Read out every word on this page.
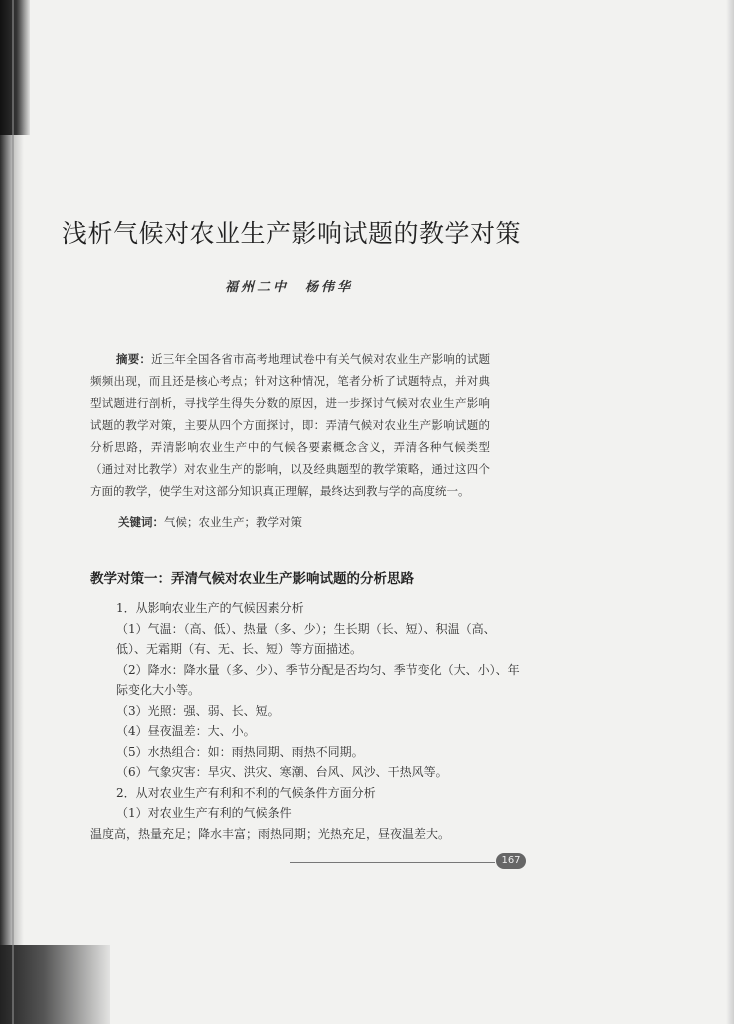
浅析气候对农业生产影响试题的教学对策
福州二中　杨伟华
摘要：近三年全国各省市高考地理试卷中有关气候对农业生产影响的试题频频出现，而且还是核心考点；针对这种情况，笔者分析了试题特点，并对典型试题进行剖析，寻找学生得失分数的原因，进一步探讨气候对农业生产影响试题的教学对策，主要从四个方面探讨，即：弄清气候对农业生产影响试题的分析思路，弄清影响农业生产中的气候各要素概念含义，弄清各种气候类型（通过对比教学）对农业生产的影响，以及经典题型的教学策略，通过这四个方面的教学，使学生对这部分知识真正理解，最终达到教与学的高度统一。
关键词：气候；农业生产；教学对策
教学对策一：弄清气候对农业生产影响试题的分析思路

1．从影响农业生产的气候因素分析

（1）气温：（高、低）、热量（多、少）；生长期（长、短）、积温（高、低）、无霜期（有、无、长、短）等方面描述。

（2）降水：降水量（多、少）、季节分配是否均匀、季节变化（大、小）、年际变化大小等。

（3）光照：强、弱、长、短。

（4）昼夜温差：大、小。

（5）水热组合：如：雨热同期、雨热不同期。

（6）气象灾害：旱灾、洪灾、寒潮、台风、风沙、干热风等。

2．从对农业生产有利和不利的气候条件方面分析

（1）对农业生产有利的气候条件

温度高，热量充足；降水丰富；雨热同期；光热充足，昼夜温差大。

167
